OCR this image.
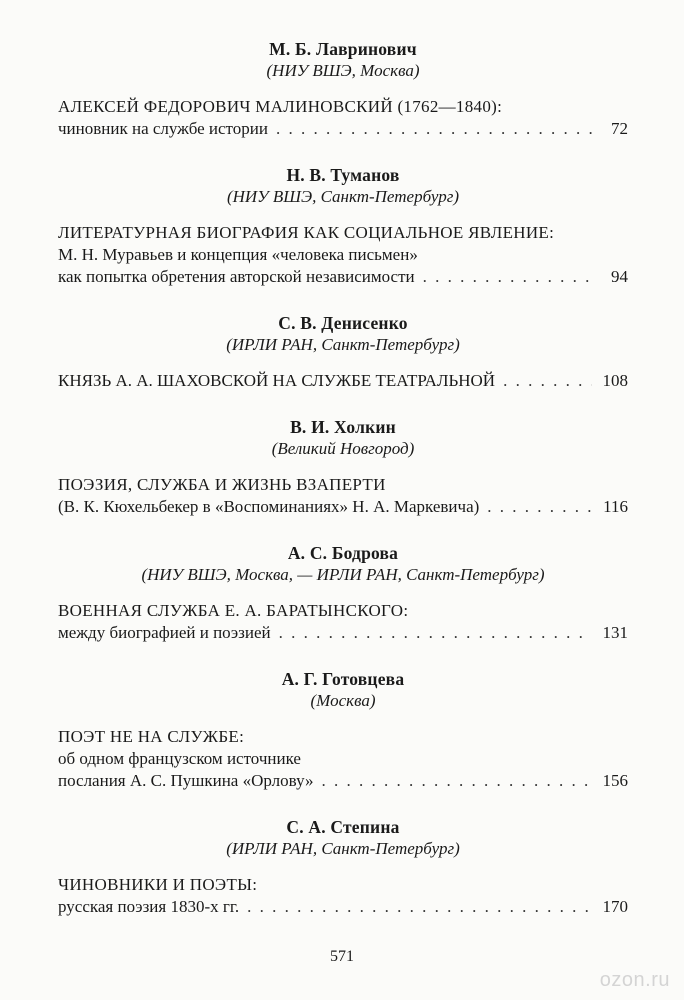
М. Б. Лавринович
(НИУ ВШЭ, Москва)
АЛЕКСЕЙ ФЕДОРОВИЧ МАЛИНОВСКИЙ (1762—1840):
чиновник на службе истории . . .	72
Н. В. Туманов
(НИУ ВШЭ, Санкт-Петербург)
ЛИТЕРАТУРНАЯ БИОГРАФИЯ КАК СОЦИАЛЬНОЕ ЯВЛЕНИЕ:
М. Н. Муравьев и концепция «человека письмен»
как попытка обретения авторской независимости . . .	94
С. В. Денисенко
(ИРЛИ РАН, Санкт-Петербург)
КНЯЗЬ А. А. ШАХОВСКОЙ НА СЛУЖБЕ ТЕАТРАЛЬНОЙ . . .	108
В. И. Холкин
(Великий Новгород)
ПОЭЗИЯ, СЛУЖБА И ЖИЗНЬ ВЗАПЕРТИ
(В. К. Кюхельбекер в «Воспоминаниях» Н. А. Маркевича) . . .	116
А. С. Бодрова
(НИУ ВШЭ, Москва, — ИРЛИ РАН, Санкт-Петербург)
ВОЕННАЯ СЛУЖБА Е. А. БАРАТЫНСКОГО:
между биографией и поэзией . . .	131
А. Г. Готовцева
(Москва)
ПОЭТ НЕ НА СЛУЖБЕ:
об одном французском источнике
послания А. С. Пушкина «Орлову» . . .	156
С. А. Степина
(ИРЛИ РАН, Санкт-Петербург)
ЧИНОВНИКИ И ПОЭТЫ:
русская поэзия 1830-х гг. . . .	170
571
ozon.ru
